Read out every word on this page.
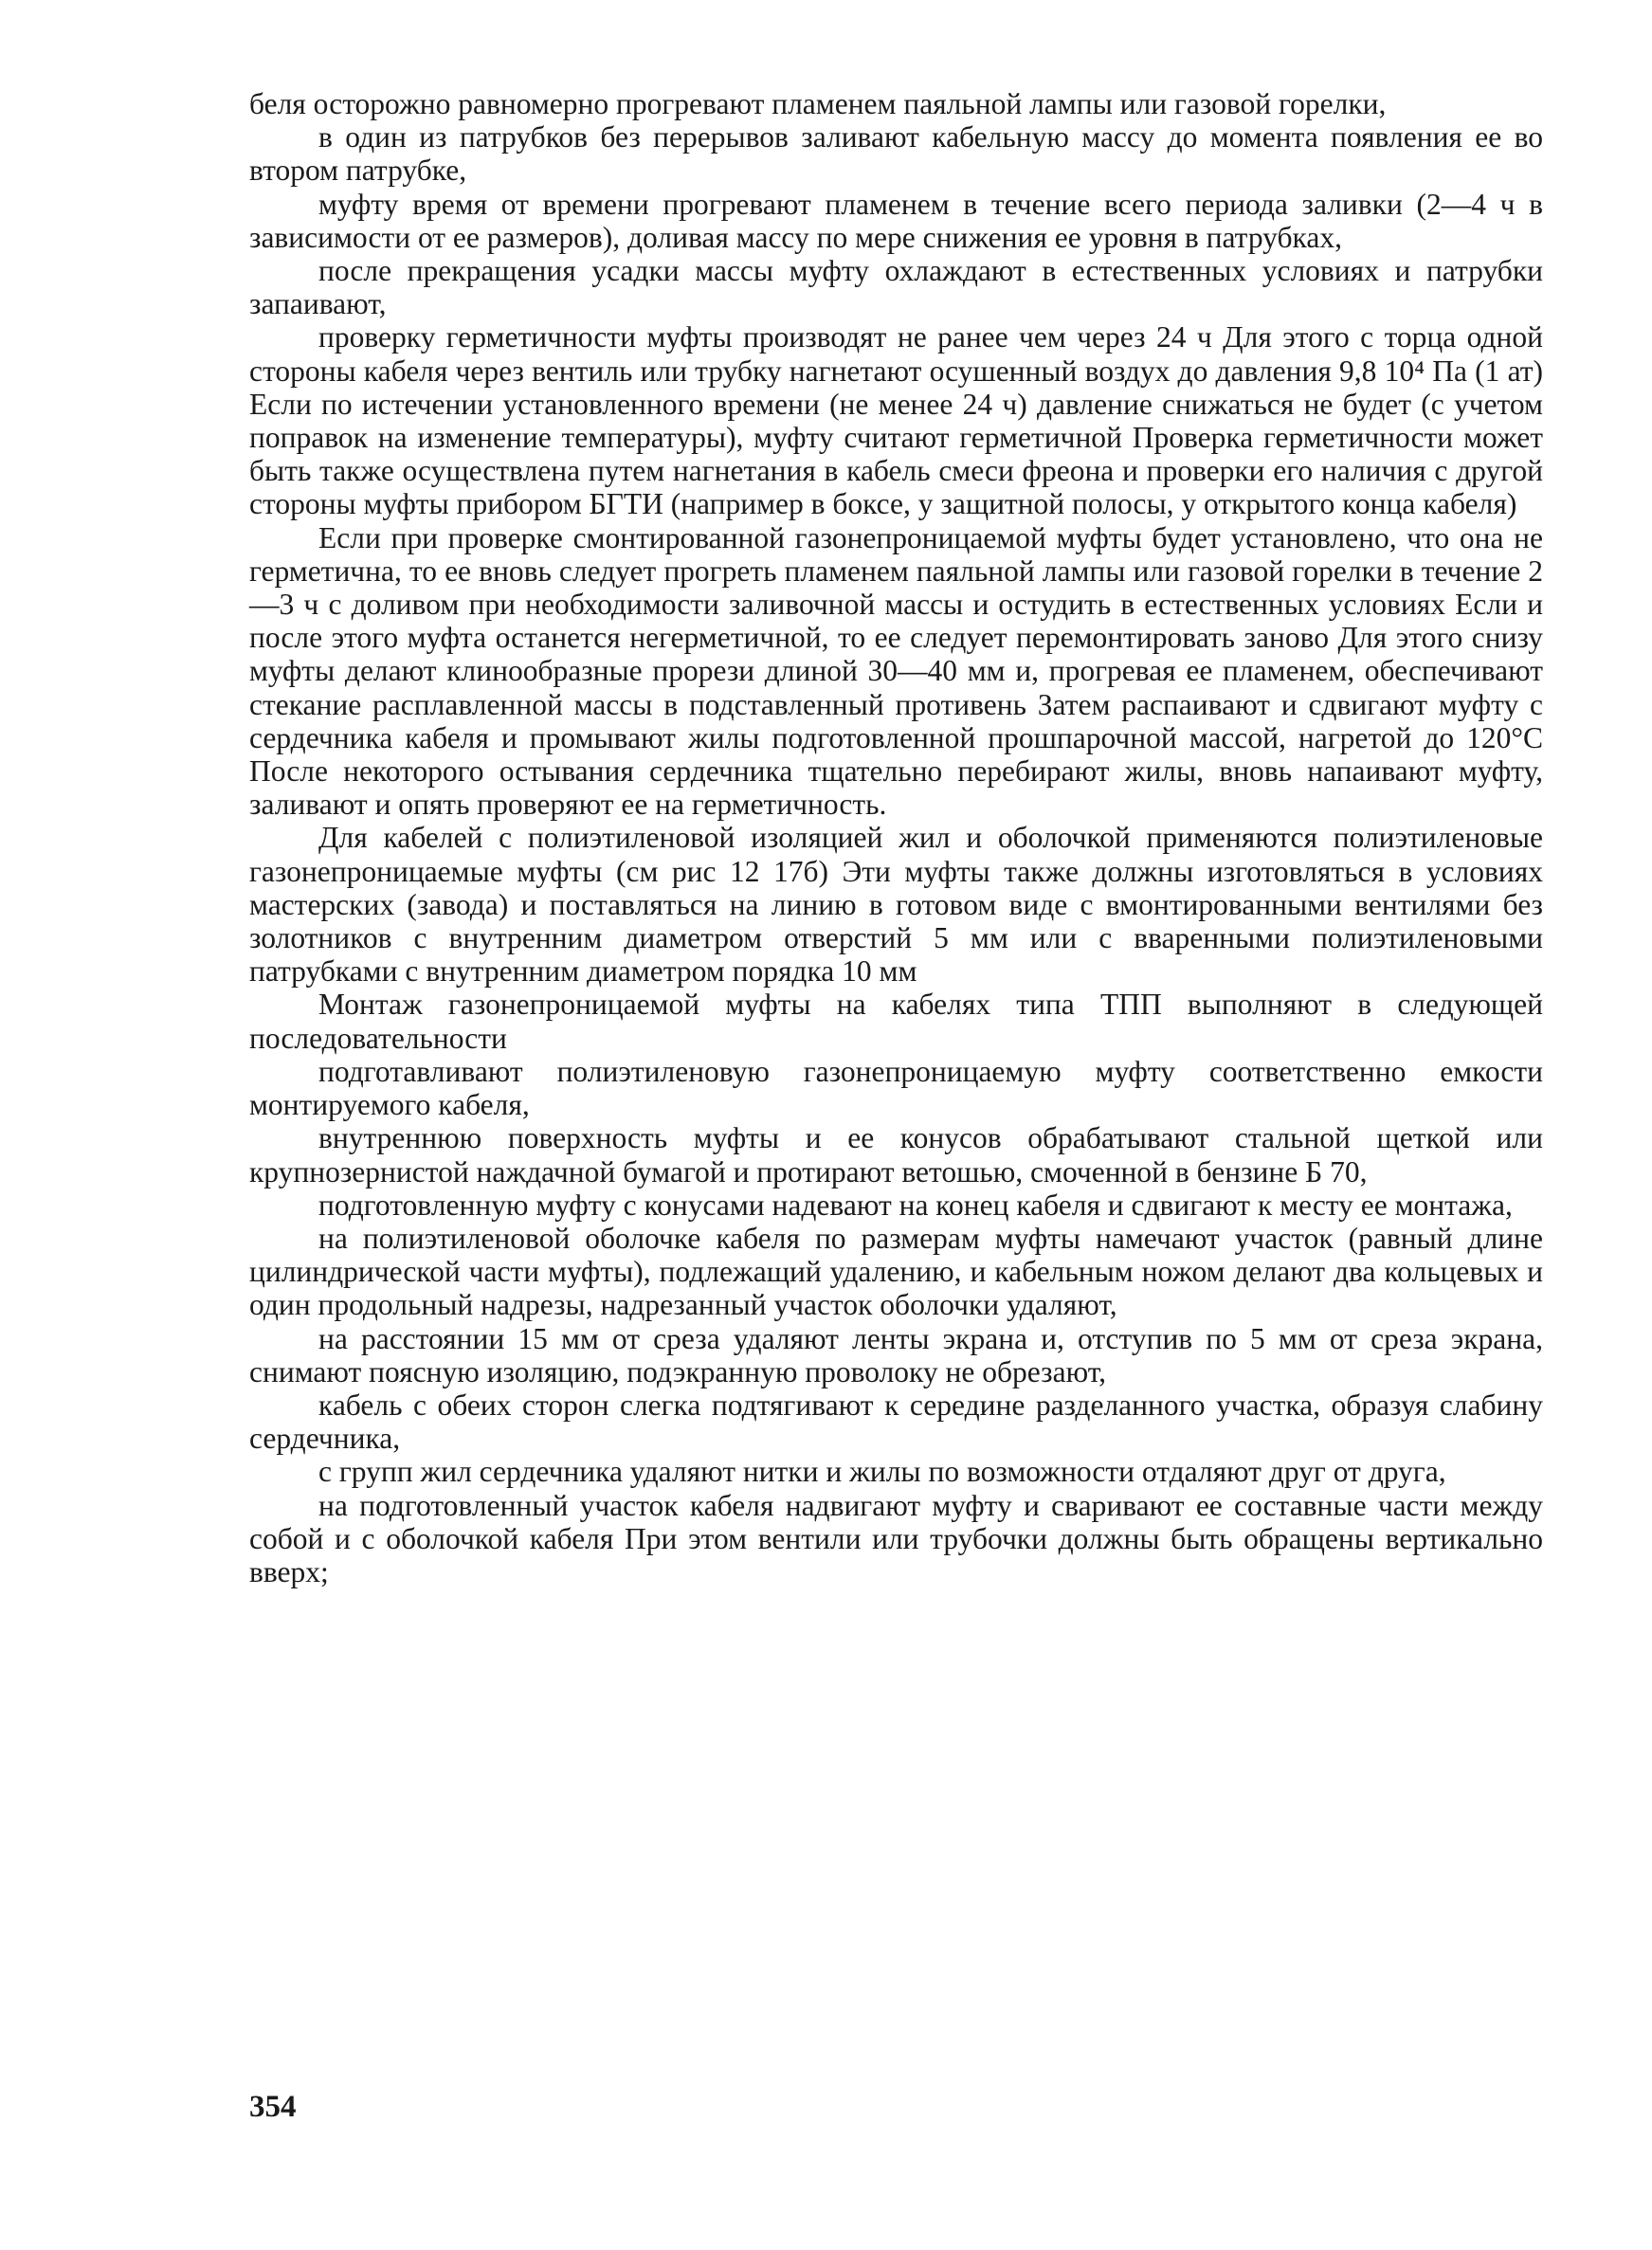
беля осторожно равномерно прогревают пламенем паяльной лампы или газовой горелки,

в один из патрубков без перерывов заливают кабельную массу до момента появления ее во втором патрубке,

муфту время от времени прогревают пламенем в течение всего периода заливки (2—4 ч в зависимости от ее размеров), доливая массу по мере снижения ее уровня в патрубках,

после прекращения усадки массы муфту охлаждают в естественных условиях и патрубки запаивают,

проверку герметичности муфты производят не ранее чем через 24 ч Для этого с торца одной стороны кабеля через вентиль или трубку нагнетают осушенный воздух до давления 9,8 10⁴ Па (1 ат) Если по истечении установленного времени (не менее 24 ч) давление снижаться не будет (с учетом поправок на изменение температуры), муфту считают герметичной Проверка герметичности может быть также осуществлена путем нагнетания в кабель смеси фреона и проверки его наличия с другой стороны муфты прибором БГТИ (например в боксе, у защитной полосы, у открытого конца кабеля)

Если при проверке смонтированной газонепроницаемой муфты будет установлено, что она не герметична, то ее вновь следует прогреть пламенем паяльной лампы или газовой горелки в течение 2—3 ч с доливом при необходимости заливочной массы и остудить в естественных условиях Если и после этого муфта останется негерметичной, то ее следует перемонтировать заново Для этого снизу муфты делают клинообразные прорези длиной 30—40 мм и, прогревая ее пламенем, обеспечивают стекание расплавленной массы в подставленный противень Затем распаивают и сдвигают муфту с сердечника кабеля и промывают жилы подготовленной прошпарочной массой, нагретой до 120°С После некоторого остывания сердечника тщательно перебирают жилы, вновь напаивают муфту, заливают и опять проверяют ее на герметичность.

Для кабелей с полиэтиленовой изоляцией жил и оболочкой применяются полиэтиленовые газонепроницаемые муфты (см рис 12 17б) Эти муфты также должны изготовляться в условиях мастерских (завода) и поставляться на линию в готовом виде с вмонтированными вентилями без золотников с внутренним диаметром отверстий 5 мм или с вваренными полиэтиленовыми патрубками с внутренним диаметром порядка 10 мм

Монтаж газонепроницаемой муфты на кабелях типа ТПП выполняют в следующей последовательности

подготавливают полиэтиленовую газонепроницаемую муфту соответственно емкости монтируемого кабеля,

внутреннюю поверхность муфты и ее конусов обрабатывают стальной щеткой или крупнозернистой наждачной бумагой и протирают ветошью, смоченной в бензине Б 70,

подготовленную муфту с конусами надевают на конец кабеля и сдвигают к месту ее монтажа,

на полиэтиленовой оболочке кабеля по размерам муфты намечают участок (равный длине цилиндрической части муфты), подлежащий удалению, и кабельным ножом делают два кольцевых и один продольный надрезы, надрезанный участок оболочки удаляют,

на расстоянии 15 мм от среза удаляют ленты экрана и, отступив по 5 мм от среза экрана, снимают поясную изоляцию, подэкранную проволоку не обрезают,

кабель с обеих сторон слегка подтягивают к середине разделанного участка, образуя слабину сердечника,

с групп жил сердечника удаляют нитки и жилы по возможности отдаляют друг от друга,

на подготовленный участок кабеля надвигают муфту и сваривают ее составные части между собой и с оболочкой кабеля При этом вентили или трубочки должны быть обращены вертикально вверх;

354
